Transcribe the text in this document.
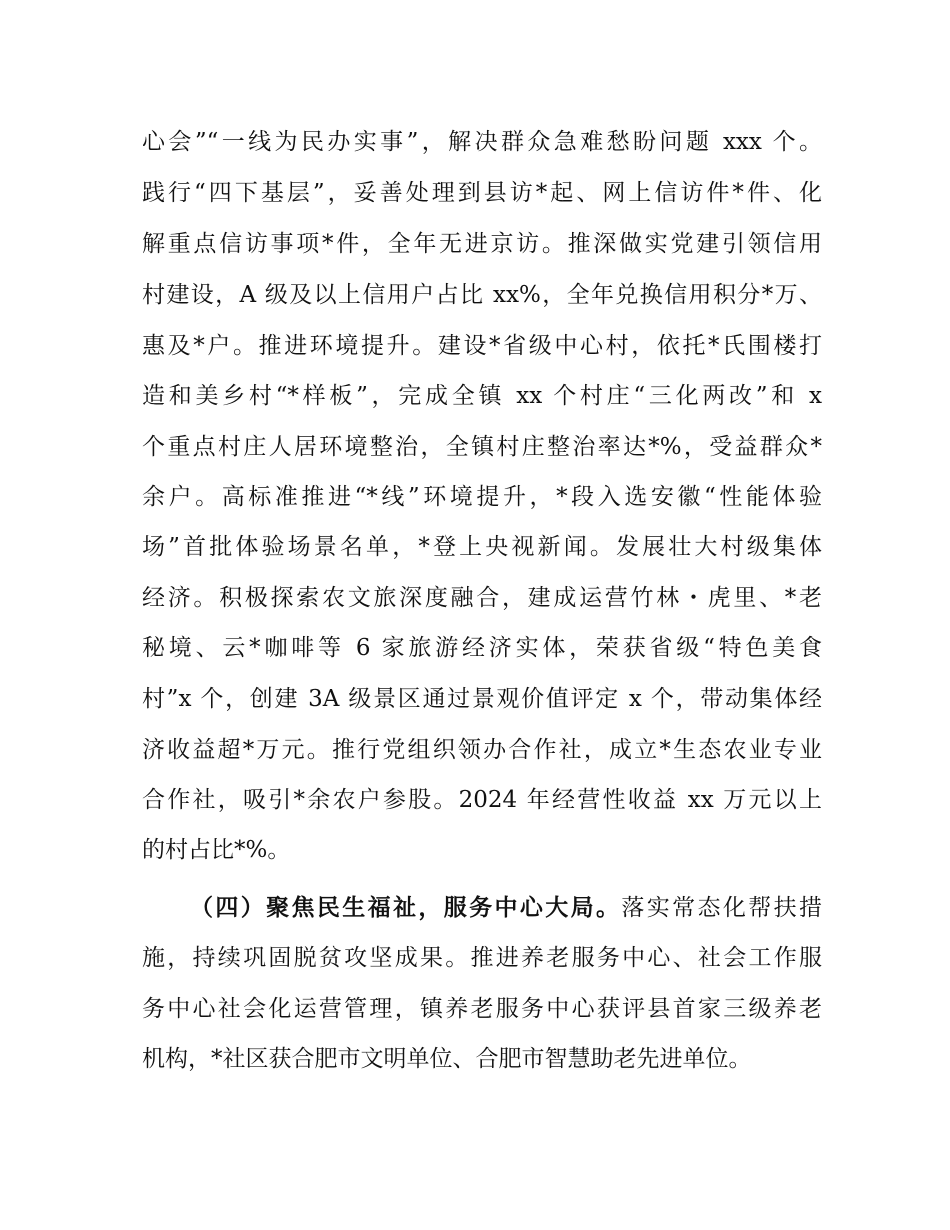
心会”“一线为民办实事”，解决群众急难愁盼问题 xxx 个。
践行“四下基层”，妥善处理到县访*起、网上信访件*件、化
解重点信访事项*件，全年无进京访。推深做实党建引领信用
村建设，A 级及以上信用户占比 xx%，全年兑换信用积分*万、
惠及*户。推进环境提升。建设*省级中心村，依托*氏围楼打
造和美乡村“*样板”，完成全镇 xx 个村庄“三化两改”和 x
个重点村庄人居环境整治，全镇村庄整治率达*%，受益群众*
余户。高标准推进“*线”环境提升，*段入选安徽“性能体验
场”首批体验场景名单，*登上央视新闻。发展壮大村级集体
经济。积极探索农文旅深度融合，建成运营竹林・虎里、*老
秘境、云*咖啡等 6 家旅游经济实体，荣获省级“特色美食
村”x 个，创建 3A 级景区通过景观价值评定 x 个，带动集体经
济收益超*万元。推行党组织领办合作社，成立*生态农业专业
合作社，吸引*余农户参股。2024 年经营性收益 xx 万元以上
的村占比*%。
（四）聚焦民生福祉，服务中心大局。落实常态化帮扶措
施，持续巩固脱贫攻坚成果。推进养老服务中心、社会工作服
务中心社会化运营管理，镇养老服务中心获评县首家三级养老
机构，*社区获合肥市文明单位、合肥市智慧助老先进单位。
